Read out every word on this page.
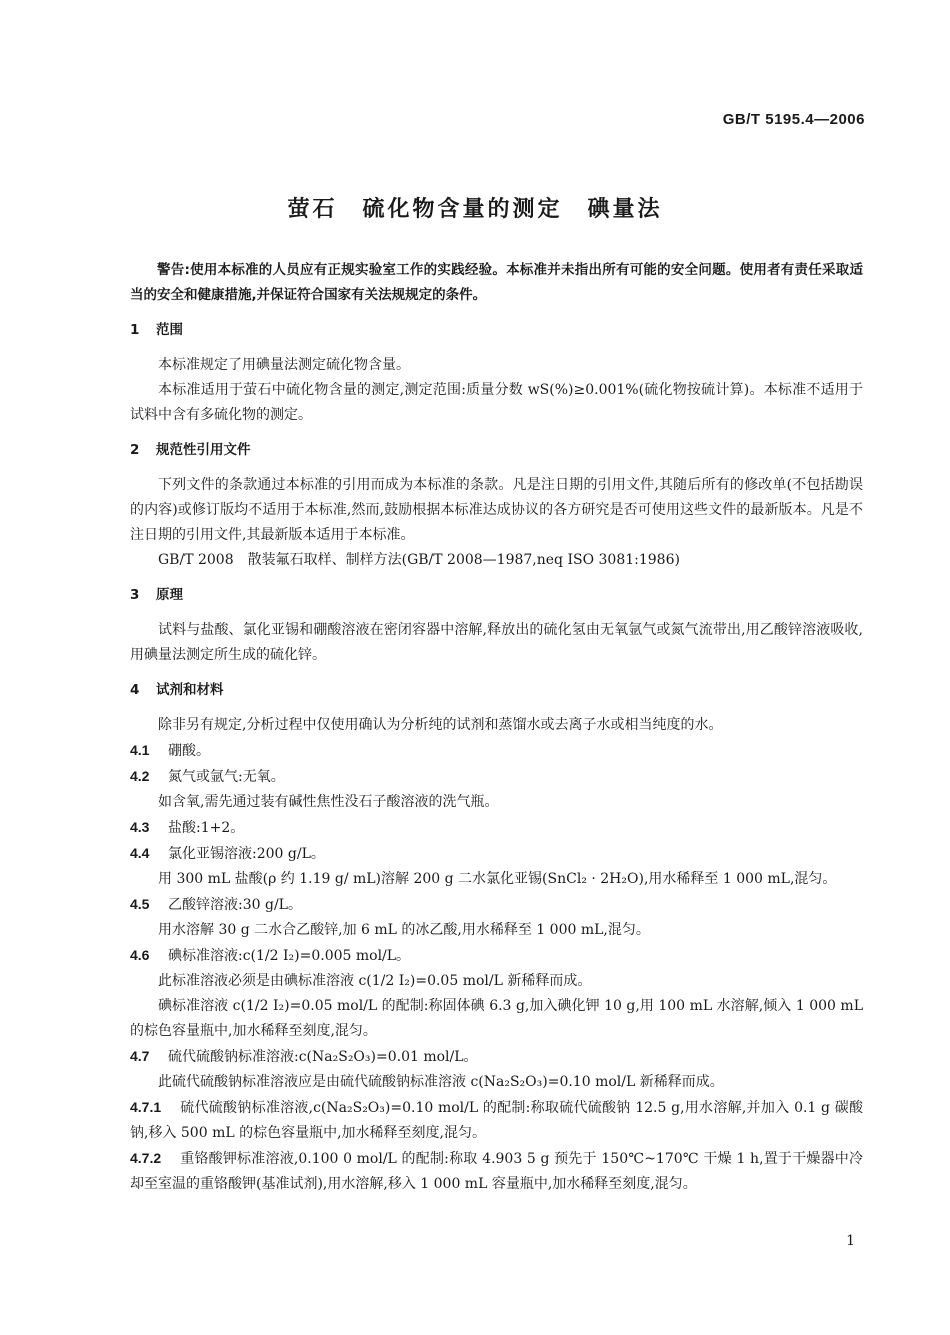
GB/T 5195.4—2006
萤石　硫化物含量的测定　碘量法

警告:使用本标准的人员应有正规实验室工作的实践经验。本标准并未指出所有可能的安全问题。使用者有责任采取适当的安全和健康措施,并保证符合国家有关法规规定的条件。

1 范围

本标准规定了用碘量法测定硫化物含量。

本标准适用于萤石中硫化物含量的测定,测定范围:质量分数 wS(%)≥0.001%(硫化物按硫计算)。本标准不适用于试料中含有多硫化物的测定。

2 规范性引用文件

下列文件的条款通过本标准的引用而成为本标准的条款。凡是注日期的引用文件,其随后所有的修改单(不包括勘误的内容)或修订版均不适用于本标准,然而,鼓励根据本标准达成协议的各方研究是否可使用这些文件的最新版本。凡是不注日期的引用文件,其最新版本适用于本标准。

GB/T 2008　散装氟石取样、制样方法(GB/T 2008—1987,neq ISO 3081:1986)

3 原理

试料与盐酸、氯化亚锡和硼酸溶液在密闭容器中溶解,释放出的硫化氢由无氧氩气或氮气流带出,用乙酸锌溶液吸收,用碘量法测定所生成的硫化锌。

4 试剂和材料

除非另有规定,分析过程中仅使用确认为分析纯的试剂和蒸馏水或去离子水或相当纯度的水。

4.1 硼酸。

4.2 氮气或氩气:无氧。

如含氧,需先通过装有碱性焦性没石子酸溶液的洗气瓶。

4.3 盐酸:1+2。

4.4 氯化亚锡溶液:200 g/L。

用 300 mL 盐酸(ρ 约 1.19 g/ mL)溶解 200 g 二水氯化亚锡(SnCl₂ · 2H₂O),用水稀释至 1 000 mL,混匀。

4.5 乙酸锌溶液:30 g/L。

用水溶解 30 g 二水合乙酸锌,加 6 mL 的冰乙酸,用水稀释至 1 000 mL,混匀。

4.6 碘标准溶液:c(1/2 I₂)=0.005 mol/L。

此标准溶液必须是由碘标准溶液 c(1/2 I₂)=0.05 mol/L 新稀释而成。

碘标准溶液 c(1/2 I₂)=0.05 mol/L 的配制:称固体碘 6.3 g,加入碘化钾 10 g,用 100 mL 水溶解,倾入 1 000 mL 的棕色容量瓶中,加水稀释至刻度,混匀。

4.7 硫代硫酸钠标准溶液:c(Na₂S₂O₃)=0.01 mol/L。

此硫代硫酸钠标准溶液应是由硫代硫酸钠标准溶液 c(Na₂S₂O₃)=0.10 mol/L 新稀释而成。

4.7.1 硫代硫酸钠标准溶液,c(Na₂S₂O₃)=0.10 mol/L 的配制:称取硫代硫酸钠 12.5 g,用水溶解,并加入 0.1 g 碳酸钠,移入 500 mL 的棕色容量瓶中,加水稀释至刻度,混匀。

4.7.2 重铬酸钾标准溶液,0.100 0 mol/L 的配制:称取 4.903 5 g 预先于 150℃~170℃ 干燥 1 h,置于干燥器中冷却至室温的重铬酸钾(基准试剂),用水溶解,移入 1 000 mL 容量瓶中,加水稀释至刻度,混匀。

1
